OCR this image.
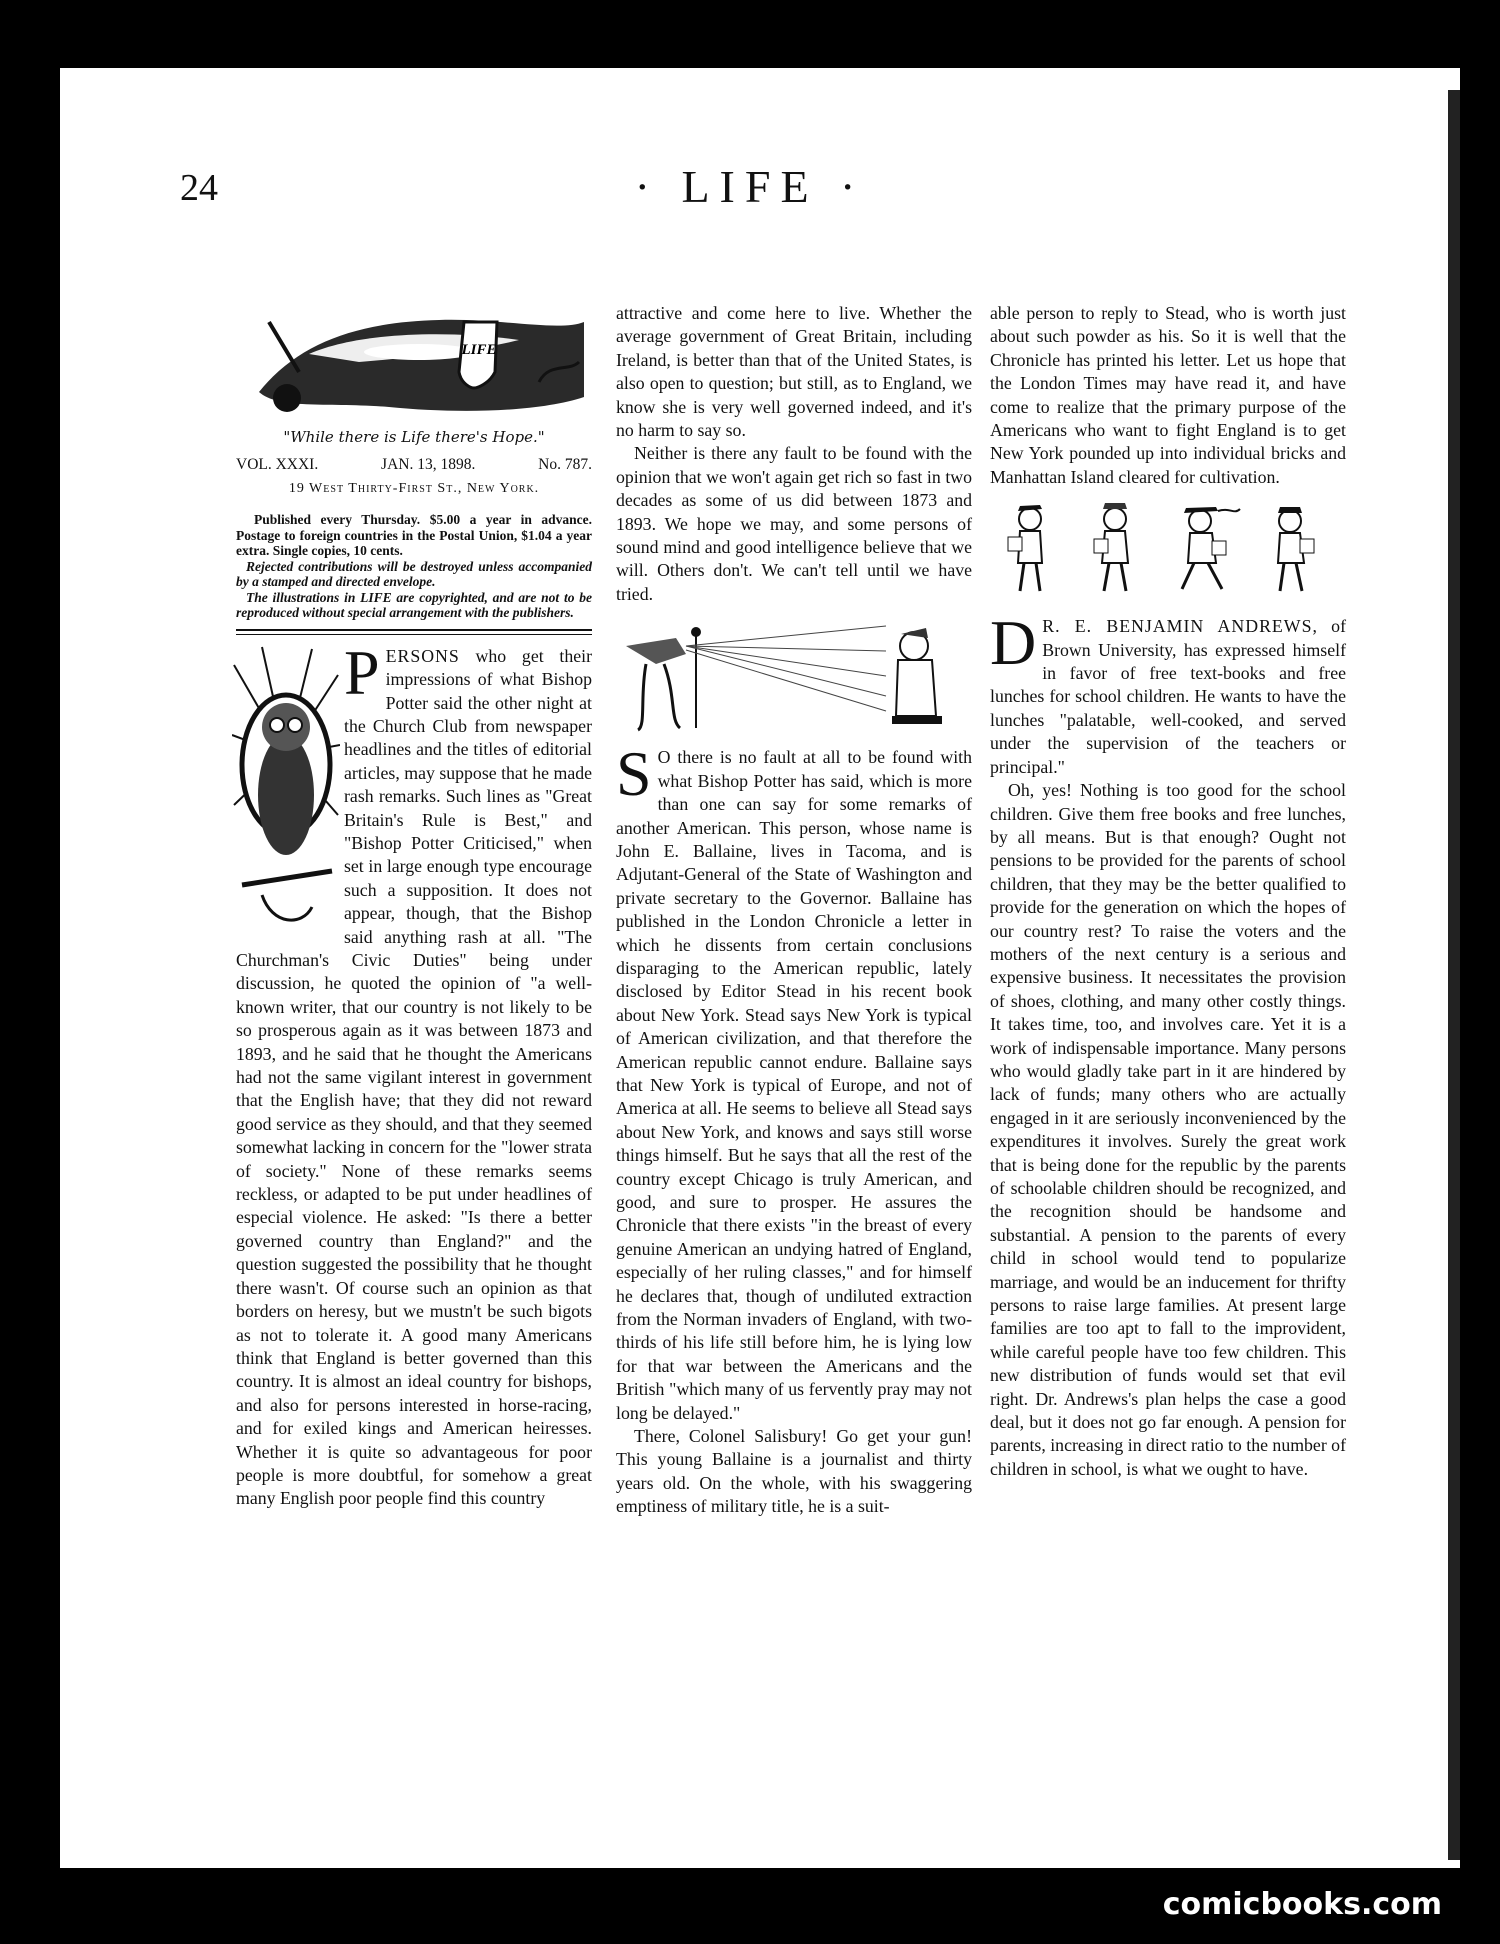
24	· LIFE ·
LIFE
"While there is Life there's Hope."
VOL. XXXI.	JAN. 13, 1898.	No. 787.
19 West Thirty-First St., New York.

Published every Thursday. $5.00 a year in advance. Postage to foreign countries in the Postal Union, $1.04 a year extra. Single copies, 10 cents.

Rejected contributions will be destroyed unless accompanied by a stamped and directed envelope.

The illustrations in LIFE are copyrighted, and are not to be reproduced without special arrangement with the publishers.

PERSONS who get their impressions of what Bishop Potter said the other night at the Church Club from newspaper headlines and the titles of editorial articles, may suppose that he made rash remarks. Such lines as "Great Britain's Rule is Best," and "Bishop Potter Criticised," when set in large enough type encourage such a supposition. It does not appear, though, that the Bishop said anything rash at all. "The Churchman's Civic Duties" being under discussion, he quoted the opinion of "a well-known writer, that our country is not likely to be so prosperous again as it was between 1873 and 1893, and he said that he thought the Americans had not the same vigilant interest in government that the English have; that they did not reward good service as they should, and that they seemed somewhat lacking in concern for the "lower strata of society." None of these remarks seems reckless, or adapted to be put under headlines of especial violence. He asked: "Is there a better governed country than England?" and the question suggested the possibility that he thought there wasn't. Of course such an opinion as that borders on heresy, but we mustn't be such bigots as not to tolerate it. A good many Americans think that England is better governed than this country. It is almost an ideal country for bishops, and also for persons interested in horse-racing, and for exiled kings and American heiresses. Whether it is quite so advantageous for poor people is more doubtful, for somehow a great many English poor people find this country

attractive and come here to live. Whether the average government of Great Britain, including Ireland, is better than that of the United States, is also open to question; but still, as to England, we know she is very well governed indeed, and it's no harm to say so.

Neither is there any fault to be found with the opinion that we won't again get rich so fast in two decades as some of us did between 1873 and 1893. We hope we may, and some persons of sound mind and good intelligence believe that we will. Others don't. We can't tell until we have tried.

S O there is no fault at all to be found with what Bishop Potter has said, which is more than one can say for some remarks of another American. This person, whose name is John E. Ballaine, lives in Tacoma, and is Adjutant-General of the State of Washington and private secretary to the Governor. Ballaine has published in the London Chronicle a letter in which he dissents from certain conclusions disparaging to the American republic, lately disclosed by Editor Stead in his recent book about New York. Stead says New York is typical of American civilization, and that therefore the American republic cannot endure. Ballaine says that New York is typical of Europe, and not of America at all. He seems to believe all Stead says about New York, and knows and says still worse things himself. But he says that all the rest of the country except Chicago is truly American, and good, and sure to prosper. He assures the Chronicle that there exists "in the breast of every genuine American an undying hatred of England, especially of her ruling classes," and for himself he declares that, though of undiluted extraction from the Norman invaders of England, with two-thirds of his life still before him, he is lying low for that war between the Americans and the British "which many of us fervently pray may not long be delayed."

There, Colonel Salisbury! Go get your gun! This young Ballaine is a journalist and thirty years old. On the whole, with his swaggering emptiness of military title, he is a suit-

able person to reply to Stead, who is worth just about such powder as his. So it is well that the Chronicle has printed his letter. Let us hope that the London Times may have read it, and have come to realize that the primary purpose of the Americans who want to fight England is to get New York pounded up into individual bricks and Manhattan Island cleared for cultivation.

D R. E. BENJAMIN ANDREWS, of Brown University, has expressed himself in favor of free text-books and free lunches for school children. He wants to have the lunches "palatable, well-cooked, and served under the supervision of the teachers or principal."

Oh, yes! Nothing is too good for the school children. Give them free books and free lunches, by all means. But is that enough? Ought not pensions to be provided for the parents of school children, that they may be the better qualified to provide for the generation on which the hopes of our country rest? To raise the voters and the mothers of the next century is a serious and expensive business. It necessitates the provision of shoes, clothing, and many other costly things. It takes time, too, and involves care. Yet it is a work of indispensable importance. Many persons who would gladly take part in it are hindered by lack of funds; many others who are actually engaged in it are seriously inconvenienced by the expenditures it involves. Surely the great work that is being done for the republic by the parents of schoolable children should be recognized, and the recognition should be handsome and substantial. A pension to the parents of every child in school would tend to popularize marriage, and would be an inducement for thrifty persons to raise large families. At present large families are too apt to fall to the improvident, while careful people have too few children. This new distribution of funds would set that evil right. Dr. Andrews's plan helps the case a good deal, but it does not go far enough. A pension for parents, increasing in direct ratio to the number of children in school, is what we ought to have.

comicbooks.com
